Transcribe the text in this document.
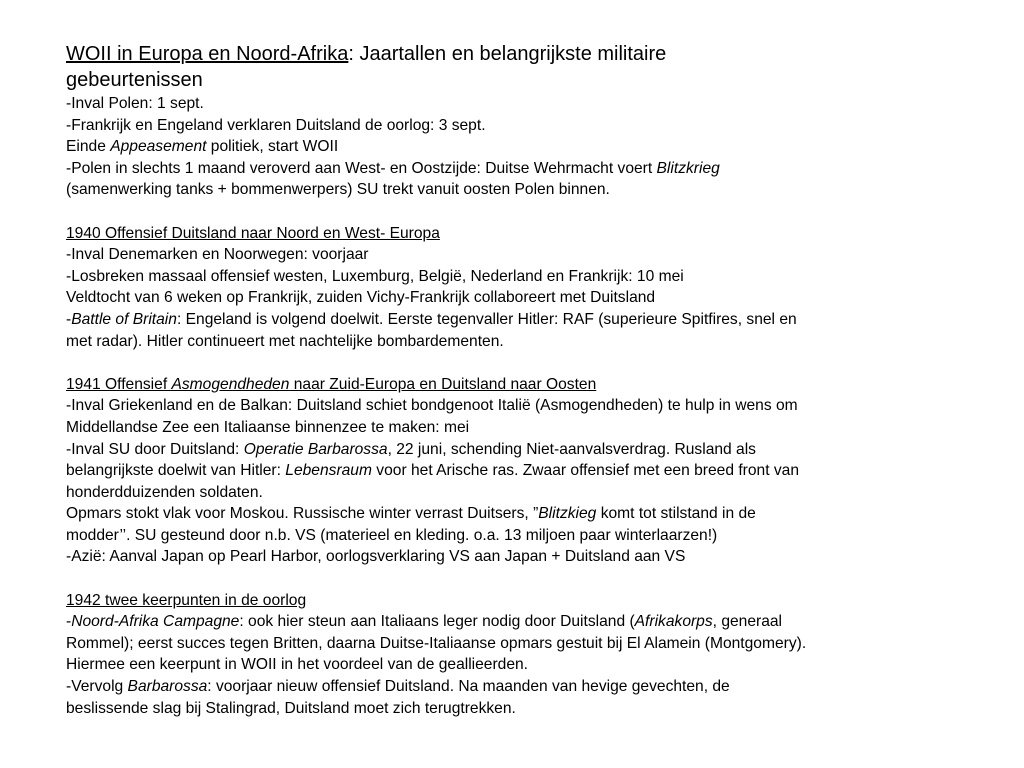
WOII in Europa en Noord-Afrika: Jaartallen en belangrijkste militaire

gebeurtenissen

-Inval Polen: 1 sept.

-Frankrijk en Engeland verklaren Duitsland de oorlog: 3 sept.

Einde Appeasement politiek, start WOII

-Polen in slechts 1 maand veroverd aan West- en Oostzijde: Duitse Wehrmacht voert Blitzkrieg

(samenwerking tanks + bommenwerpers) SU trekt vanuit oosten Polen binnen.

1940 Offensief Duitsland naar Noord en West- Europa

-Inval Denemarken en Noorwegen: voorjaar

-Losbreken massaal offensief westen, Luxemburg, België, Nederland en Frankrijk: 10 mei

Veldtocht van 6 weken op Frankrijk, zuiden Vichy-Frankrijk collaboreert met Duitsland

-Battle of Britain: Engeland is volgend doelwit. Eerste tegenvaller Hitler: RAF (superieure Spitfires, snel en

met radar). Hitler continueert met nachtelijke bombardementen.

1941 Offensief Asmogendheden naar Zuid-Europa en Duitsland naar Oosten

-Inval Griekenland en de Balkan: Duitsland schiet bondgenoot Italië (Asmogendheden) te hulp in wens om

Middellandse Zee een Italiaanse binnenzee te maken: mei

-Inval SU door Duitsland: Operatie Barbarossa, 22 juni, schending Niet-aanvalsverdrag. Rusland als

belangrijkste doelwit van Hitler: Lebensraum voor het Arische ras. Zwaar offensief met een breed front van

honderdduizenden soldaten.

Opmars stokt vlak voor Moskou. Russische winter verrast Duitsers, ”Blitzkieg komt tot stilstand in de

modder’’. SU gesteund door n.b. VS (materieel en kleding. o.a. 13 miljoen paar winterlaarzen!)

-Azië: Aanval Japan op Pearl Harbor, oorlogsverklaring VS aan Japan + Duitsland aan VS

1942 twee keerpunten in de oorlog

-Noord-Afrika Campagne: ook hier steun aan Italiaans leger nodig door Duitsland (Afrikakorps, generaal

Rommel); eerst succes tegen Britten, daarna Duitse-Italiaanse opmars gestuit bij El Alamein (Montgomery).

Hiermee een keerpunt in WOII in het voordeel van de geallieerden.

-Vervolg Barbarossa: voorjaar nieuw offensief Duitsland. Na maanden van hevige gevechten, de

beslissende slag bij Stalingrad, Duitsland moet zich terugtrekken.
